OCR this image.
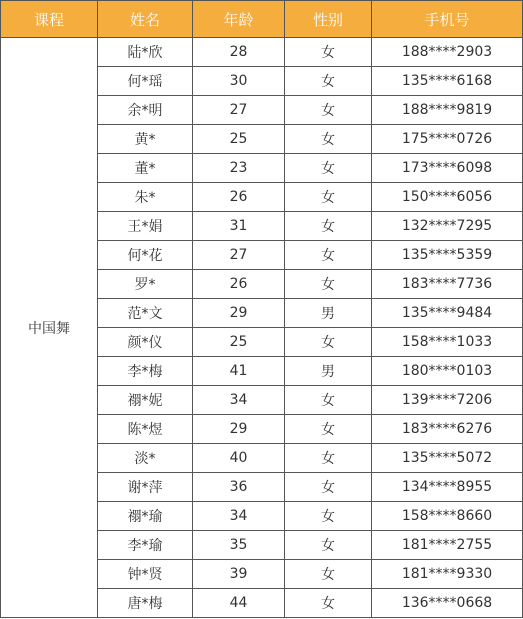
课程	姓名	年龄	性别	手机号
中国舞	陆*欣	28	女	188****2903
	何*瑶	30	女	135****6168
	余*明	27	女	188****9819
	黄*	25	女	175****0726
	董*	23	女	173****6098
	朱*	26	女	150****6056
	王*娟	31	女	132****7295
	何*花	27	女	135****5359
	罗*	26	女	183****7736
	范*文	29	男	135****9484
	颜*仪	25	女	158****1033
	李*梅	41	男	180****0103
	禤*妮	34	女	139****7206
	陈*煜	29	女	183****6276
	淡*	40	女	135****5072
	谢*萍	36	女	134****8955
	禤*瑜	34	女	158****8660
	李*瑜	35	女	181****2755
	钟*贤	39	女	181****9330
	唐*梅	44	女	136****0668
